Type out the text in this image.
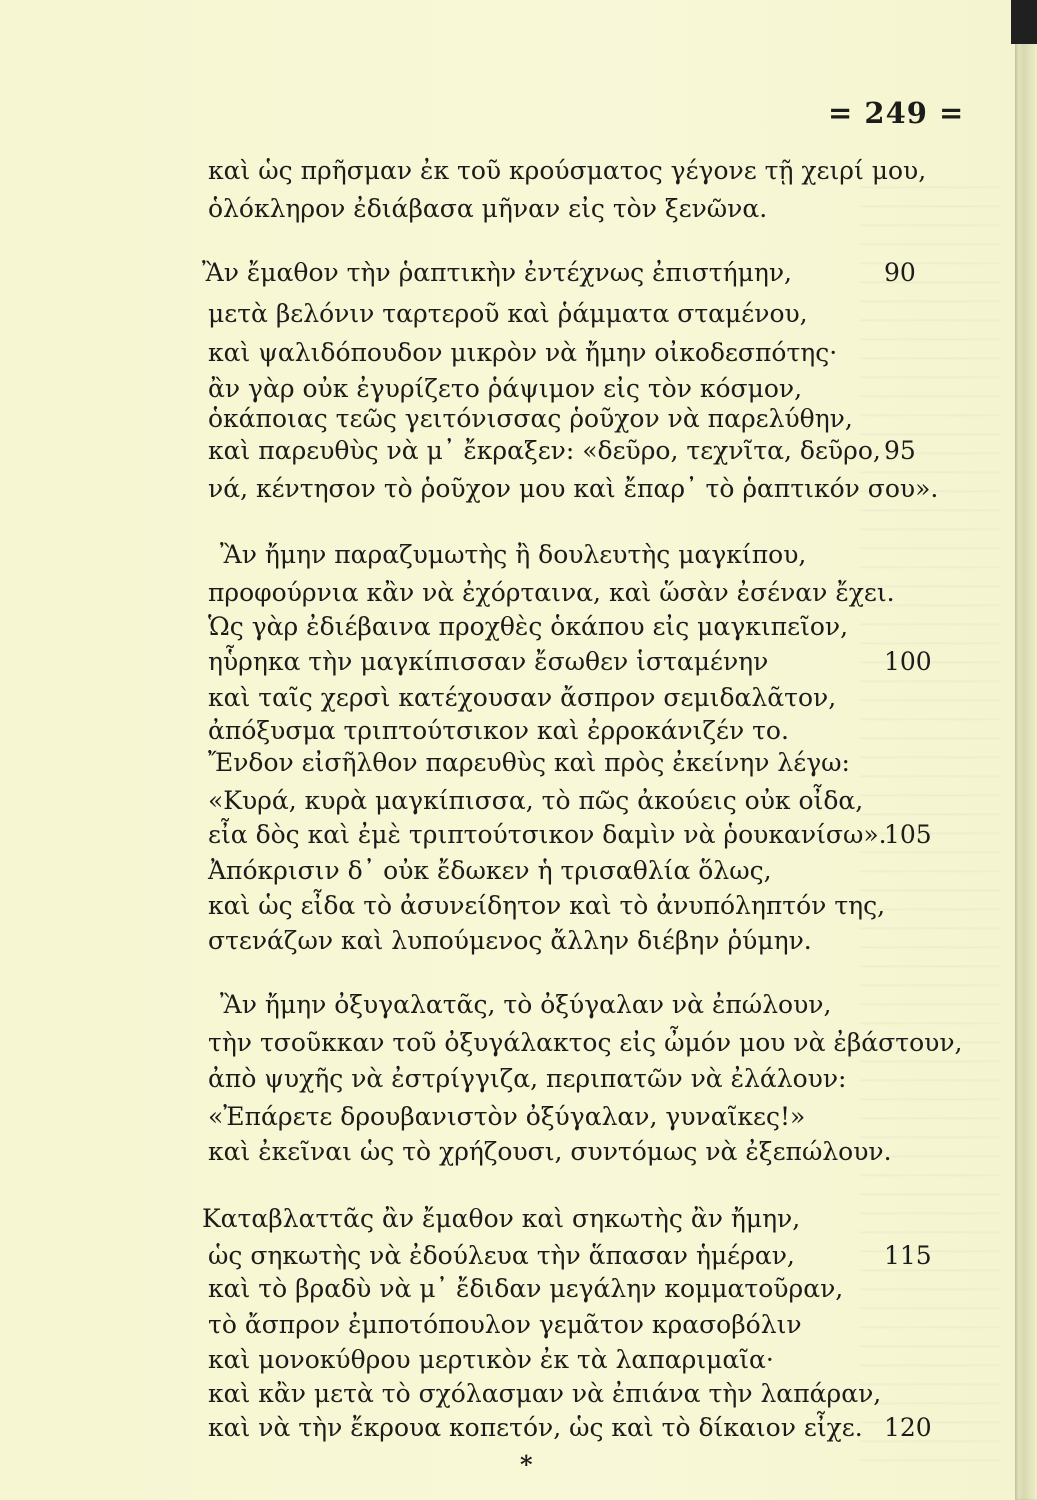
= 249 =
καὶ ὡς πρῆσμαν ἐκ τοῦ κρούσματος γέγονε τῇ χειρί μου,
ὁλόκληρον ἐδιάβασα μῆναν εἰς τὸν ξενῶνα.
Ἂν ἔμαθον τὴν ῥαπτικὴν ἐντέχνως ἐπιστήμην,	90
μετὰ βελόνιν ταρτεροῦ καὶ ῥάμματα σταμένου,
καὶ ψαλιδόπουδον μικρὸν νὰ ἤμην οἰκοδεσπότης·
ἂν γὰρ οὐκ ἐγυρίζετο ῥάψιμον εἰς τὸν κόσμον,
ὁκάποιας τεῶς γειτόνισσας ῥοῦχον νὰ παρελύθην,
καὶ παρευθὺς νὰ μ᾽ ἔκραξεν: «δεῦρο, τεχνῖτα, δεῦρο, 95
νά, κέντησον τὸ ῥοῦχον μου καὶ ἔπαρ᾽ τὸ ῥαπτικόν σου».
Ἂν ἤμην παραζυμωτὴς ἢ δουλευτὴς μαγκίπου,
προφούρνια κἂν νὰ ἐχόρταινα, καὶ ὥσὰν ἐσέναν ἔχει.
Ὡς γὰρ ἐδιέβαινα προχθὲς ὁκάπου εἰς μαγκιπεῖον,
ηὗρηκα τὴν μαγκίπισσαν ἔσωθεν ἱσταμένην	100
καὶ ταῖς χερσὶ κατέχουσαν ἄσπρον σεμιδαλᾶτον,
ἀπόξυσμα τριπτούτσικον καὶ ἐρροκάνιζέν το.
Ἔνδον εἰσῆλθον παρευθὺς καὶ πρὸς ἐκείνην λέγω:
«Κυρά, κυρὰ μαγκίπισσα, τὸ πῶς ἀκούεις οὐκ οἶδα,
εἶα δὸς καὶ ἐμὲ τριπτούτσικον δαμὶν νὰ ῥουκανίσω».
105
Ἀπόκρισιν δ᾽ οὐκ ἔδωκεν ἡ τρισαθλία ὅλως,
καὶ ὡς εἶδα τὸ ἀσυνείδητον καὶ τὸ ἀνυπόληπτόν της,
στενάζων καὶ λυπούμενος ἄλλην διέβην ῥύμην.
Ἂν ἤμην ὀξυγαλατᾶς, τὸ ὀξύγαλαν νὰ ἐπώλουν,
τὴν τσοῦκκαν τοῦ ὀξυγάλακτος εἰς ὦμόν μου νὰ ἐβάστουν,
ἀπὸ ψυχῆς νὰ ἐστρίγγιζα, περιπατῶν νὰ ἐλάλουν:
«Ἐπάρετε δρουβανιστὸν ὀξύγαλαν, γυναῖκες!»
καὶ ἐκεῖναι ὡς τὸ χρήζουσι, συντόμως νὰ ἐξεπώλουν.
Καταβλαττᾶς ἂν ἔμαθον καὶ σηκωτὴς ἂν ἤμην,
ὡς σηκωτὴς νὰ ἐδούλευα τὴν ἅπασαν ἡμέραν,	115
καὶ τὸ βραδὺ νὰ μ᾽ ἔδιδαν μεγάλην κομματοῦραν,
τὸ ἄσπρον ἐμποτόπουλον γεμᾶτον κρασοβόλιν
καὶ μονοκύθρου μερτικὸν ἐκ τὰ λαπαριμαῖα·
καὶ κἂν μετὰ τὸ σχόλασμαν νὰ ἐπιάνα τὴν λαπάραν,
καὶ νὰ τὴν ἔκρουα κοπετόν, ὡς καὶ τὸ δίκαιον εἶχε. 120
*
